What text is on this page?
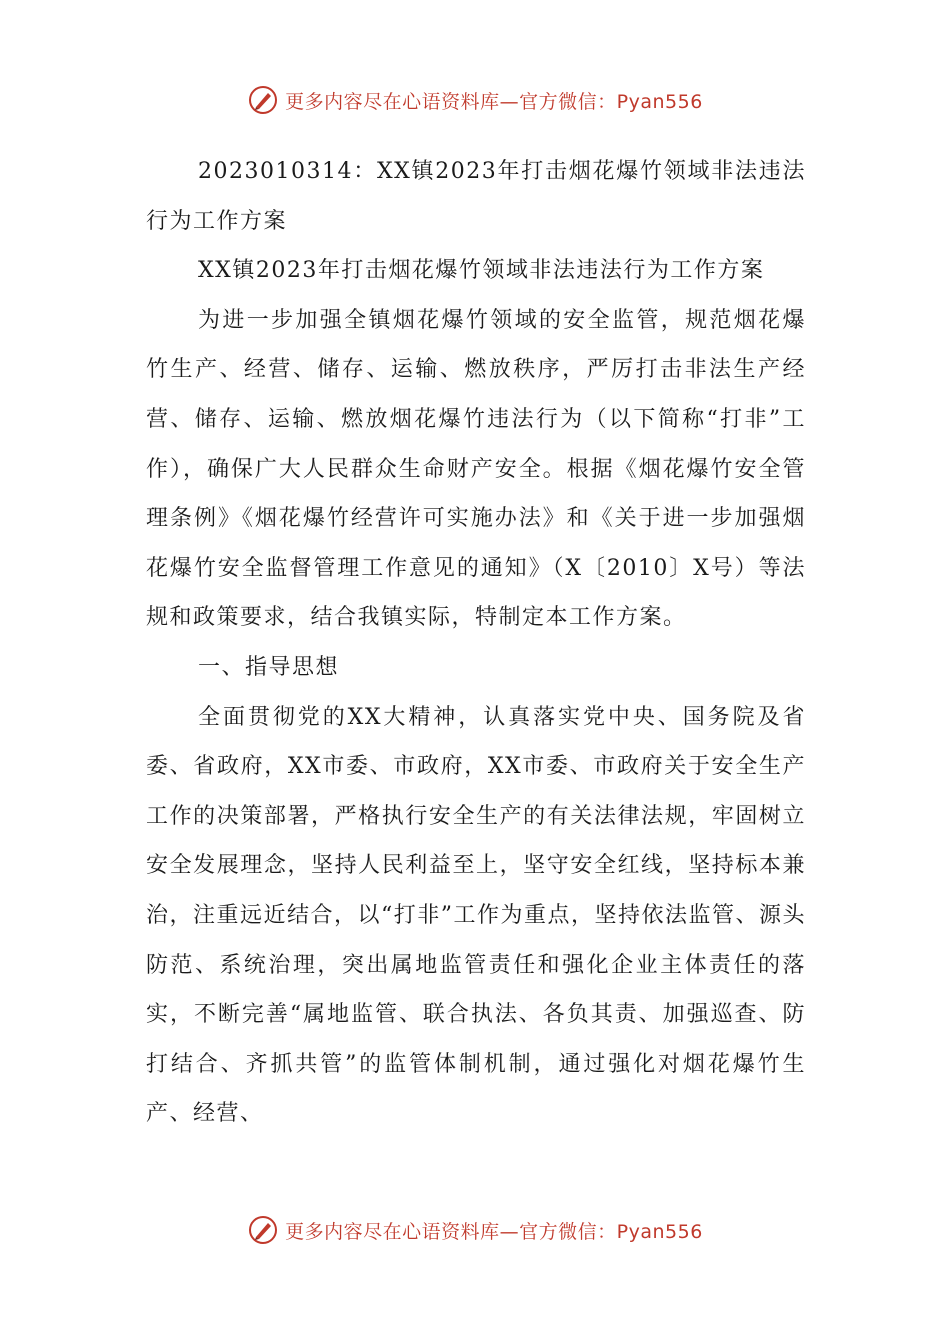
更多内容尽在心语资料库—官方微信：Pyan556

2023010314：XX镇2023年打击烟花爆竹领域非法违法行为工作方案

XX镇2023年打击烟花爆竹领域非法违法行为工作方案

为进一步加强全镇烟花爆竹领域的安全监管，规范烟花爆竹生产、经营、储存、运输、燃放秩序，严厉打击非法生产经营、储存、运输、燃放烟花爆竹违法行为（以下简称“打非”工作），确保广大人民群众生命财产安全。根据《烟花爆竹安全管理条例》《烟花爆竹经营许可实施办法》和《关于进一步加强烟花爆竹安全监督管理工作意见的通知》（X〔2010〕X号）等法规和政策要求，结合我镇实际，特制定本工作方案。

一、指导思想

全面贯彻党的XX大精神，认真落实党中央、国务院及省委、省政府，XX市委、市政府，XX市委、市政府关于安全生产工作的决策部署，严格执行安全生产的有关法律法规，牢固树立安全发展理念，坚持人民利益至上，坚守安全红线，坚持标本兼治，注重远近结合，以“打非”工作为重点，坚持依法监管、源头防范、系统治理，突出属地监管责任和强化企业主体责任的落实，不断完善“属地监管、联合执法、各负其责、加强巡查、防打结合、齐抓共管”的监管体制机制，通过强化对烟花爆竹生产、经营、

更多内容尽在心语资料库—官方微信：Pyan556
